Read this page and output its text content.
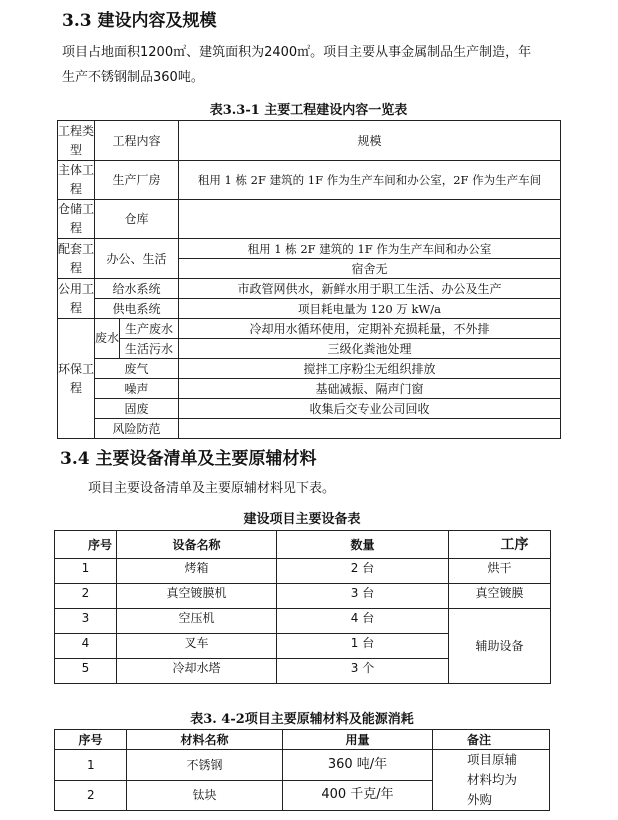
3.3 建设内容及规模
项目占地面积1200㎡、建筑面积为2400㎡。项目主要从事金属制品生产制造，年
生产不锈钢制品360吨。
表3.3-1 主要工程建设内容一览表
工程类型	工程内容		规模
主体工程	生产厂房		租用 1 栋 2F 建筑的 1F 作为生产车间和办公室，2F 作为生产车间
仓储工程	仓库		
配套工程	办公、生活		租用 1 栋 2F 建筑的 1F 作为生产车间和办公室
			宿舍无
公用工程	给水系统		市政管网供水，新鲜水用于职工生活、办公及生产
	供电系统		项目耗电量为 120 万 kW/a
环保工程	废水	生产废水	冷却用水循环使用，定期补充损耗量，不外排
		生活污水	三级化粪池处理
	废气		搅拌工序粉尘无组织排放
	噪声		基础减振、隔声门窗
	固废		收集后交专业公司回收
	风险防范		
3.4 主要设备清单及主要原辅材料
项目主要设备清单及主要原辅材料见下表。
建设项目主要设备表
序号	设备名称	数量	工序
1	烤箱	2 台	烘干
2	真空镀膜机	3 台	真空镀膜
3	空压机	4 台	辅助设备
4	叉车	1 台	
5	冷却水塔	3 个	
表3. 4-2项目主要原辅材料及能源消耗
序号	材料名称	用量	备注
1	不锈钢	360 吨/年	项目原辅材料均为外购
2	钛块	400 千克/年	
